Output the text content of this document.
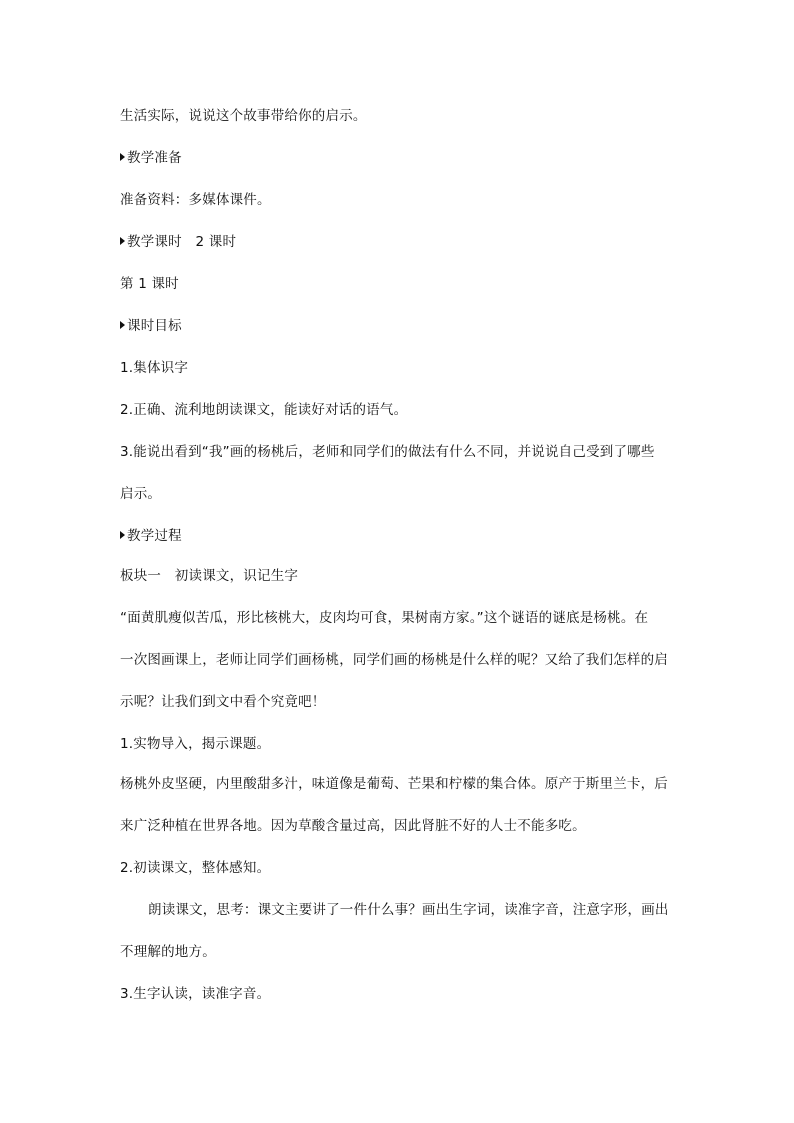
生活实际，说说这个故事带给你的启示。
教学准备
准备资料：多媒体课件。
教学课时　2 课时
第 1 课时
课时目标
1.集体识字
2.正确、流利地朗读课文，能读好对话的语气。
3.能说出看到“我”画的杨桃后，老师和同学们的做法有什么不同，并说说自己受到了哪些
启示。
教学过程
板块一　初读课文，识记生字
“面黄肌瘦似苦瓜，形比核桃大，皮肉均可食，果树南方家。”这个谜语的谜底是杨桃。在
一次图画课上，老师让同学们画杨桃，同学们画的杨桃是什么样的呢？又给了我们怎样的启
示呢？让我们到文中看个究竟吧！
1.实物导入，揭示课题。
杨桃外皮坚硬，内里酸甜多汁，味道像是葡萄、芒果和柠檬的集合体。原产于斯里兰卡，后
来广泛种植在世界各地。因为草酸含量过高，因此肾脏不好的人士不能多吃。
2.初读课文，整体感知。
朗读课文，思考：课文主要讲了一件什么事？画出生字词，读准字音，注意字形，画出
不理解的地方。
3.生字认读，读准字音。
